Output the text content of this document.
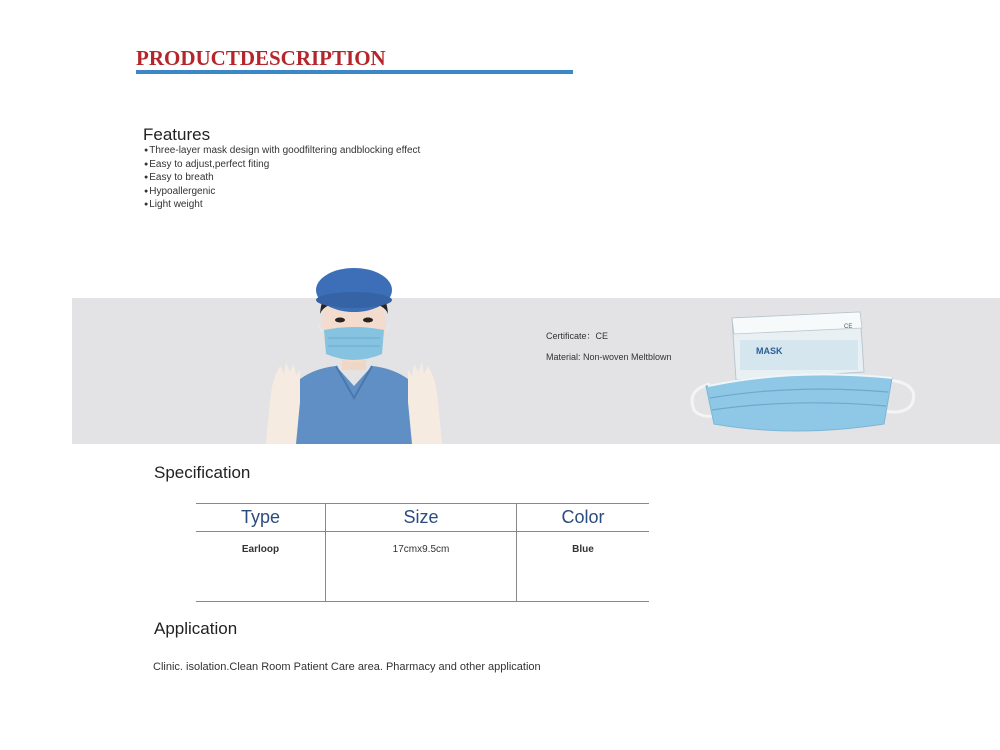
PRODUCTDESCRIPTION
Features
● Three-layer mask design with goodfiltering andblocking effect
● Easy to adjust,perfect fiting
● Easy to breath
● Hypoallergenic
● Light weight
Certificate：CE
Material: Non-woven Meltblown
MASK
CE
Specification
Type	Size	Color
Earloop	17cmx9.5cm	Blue
Application
Clinic. isolation.Clean Room Patient Care area. Pharmacy and other application
